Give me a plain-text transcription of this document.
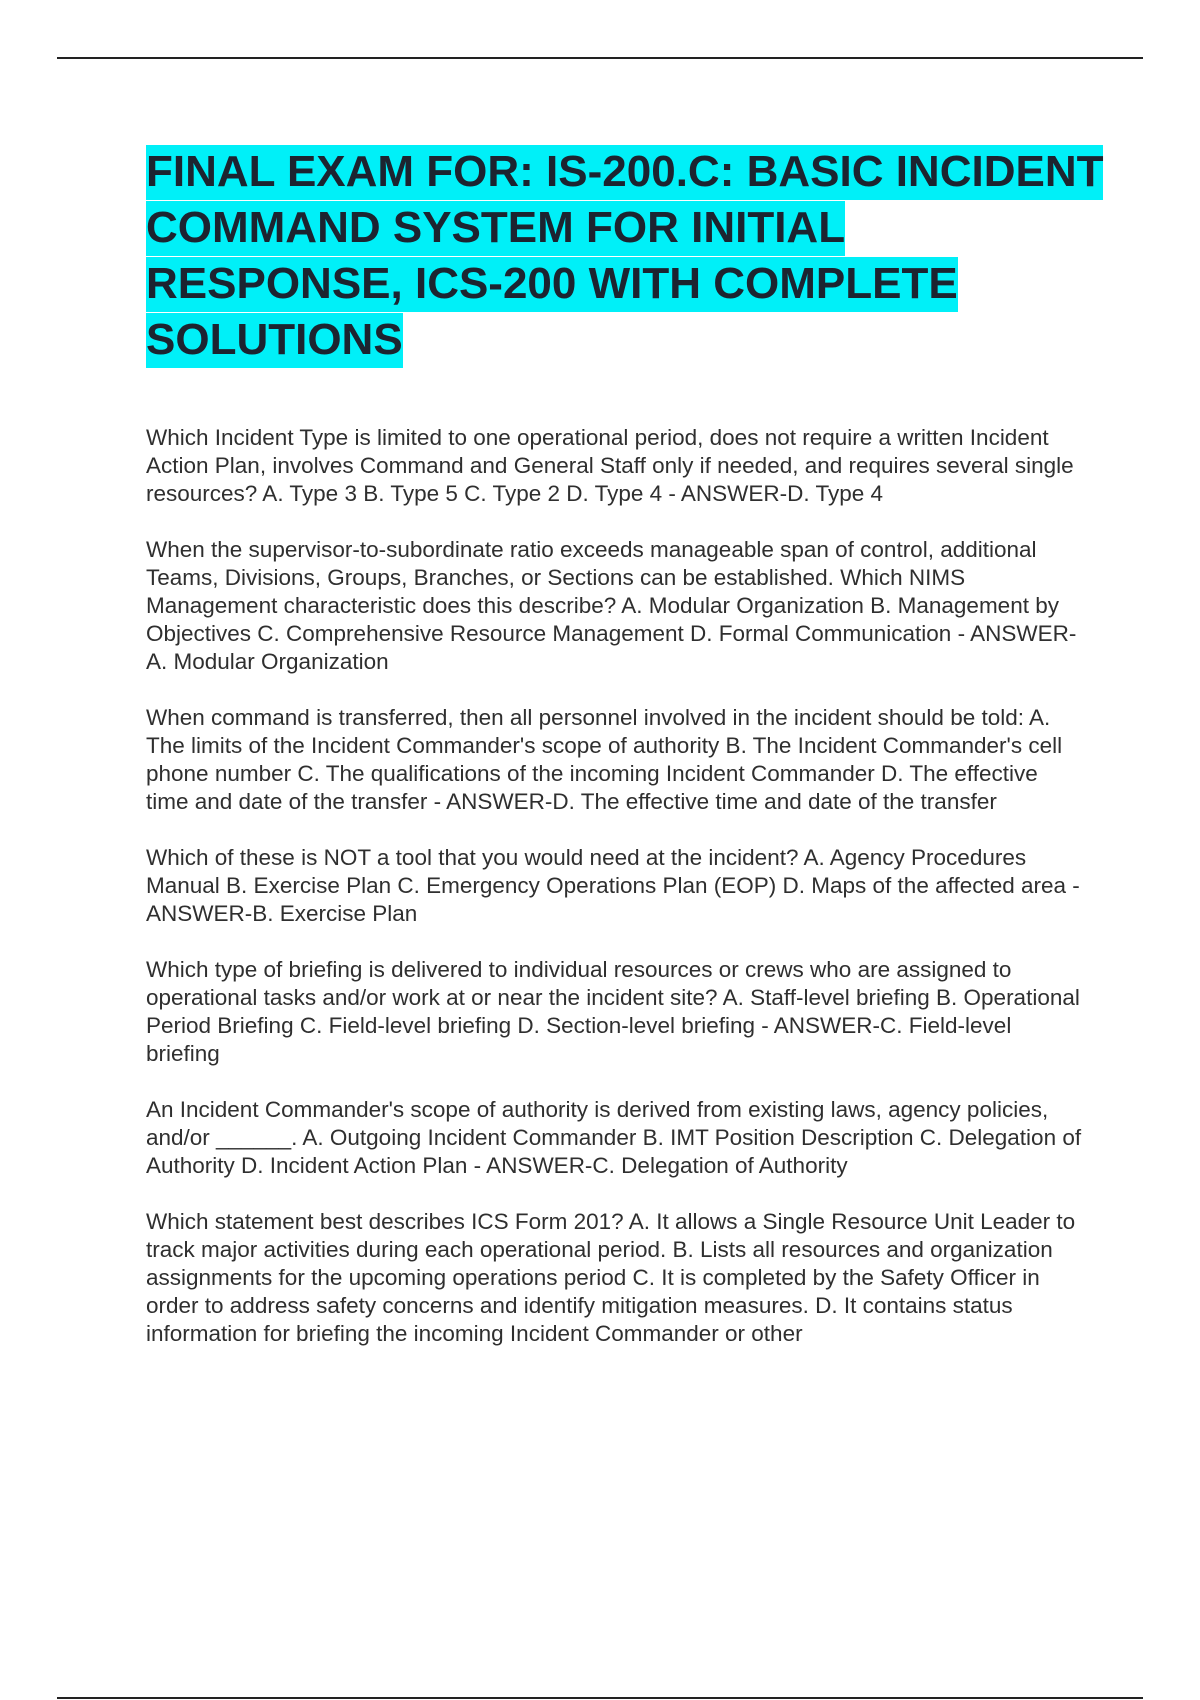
FINAL EXAM FOR: IS-200.C: BASIC INCIDENT COMMAND SYSTEM FOR INITIAL RESPONSE, ICS-200 WITH COMPLETE SOLUTIONS

Which Incident Type is limited to one operational period, does not require a written Incident Action Plan, involves Command and General Staff only if needed, and requires several single resources? A. Type 3 B. Type 5 C. Type 2 D. Type 4 - ANSWER-D. Type 4

When the supervisor-to-subordinate ratio exceeds manageable span of control, additional Teams, Divisions, Groups, Branches, or Sections can be established. Which NIMS Management characteristic does this describe? A. Modular Organization B. Management by Objectives C. Comprehensive Resource Management D. Formal Communication - ANSWER-A. Modular Organization

When command is transferred, then all personnel involved in the incident should be told: A. The limits of the Incident Commander's scope of authority B. The Incident Commander's cell phone number C. The qualifications of the incoming Incident Commander D. The effective time and date of the transfer - ANSWER-D. The effective time and date of the transfer

Which of these is NOT a tool that you would need at the incident? A. Agency Procedures Manual B. Exercise Plan C. Emergency Operations Plan (EOP) D. Maps of the affected area - ANSWER-B. Exercise Plan

Which type of briefing is delivered to individual resources or crews who are assigned to operational tasks and/or work at or near the incident site? A. Staff-level briefing B. Operational Period Briefing C. Field-level briefing D. Section-level briefing - ANSWER-C. Field-level briefing

An Incident Commander's scope of authority is derived from existing laws, agency policies, and/or ______. A. Outgoing Incident Commander B. IMT Position Description C. Delegation of Authority D. Incident Action Plan - ANSWER-C. Delegation of Authority

Which statement best describes ICS Form 201? A. It allows a Single Resource Unit Leader to track major activities during each operational period. B. Lists all resources and organization assignments for the upcoming operations period C. It is completed by the Safety Officer in order to address safety concerns and identify mitigation measures. D. It contains status information for briefing the incoming Incident Commander or other
